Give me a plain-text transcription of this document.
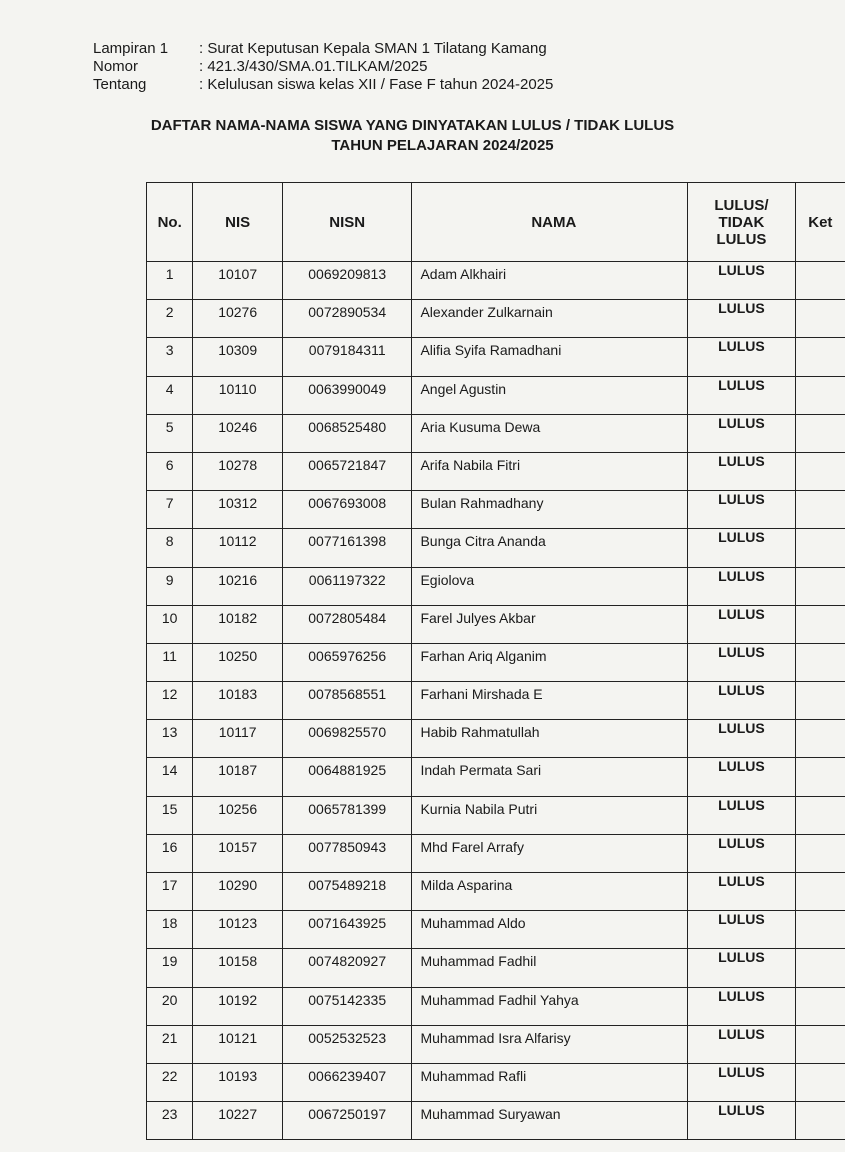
Lampiran 1	: Surat Keputusan Kepala SMAN 1 Tilatang Kamang
Nomor	: 421.3/430/SMA.01.TILKAM/2025
Tentang	: Kelulusan siswa kelas XII / Fase F tahun 2024-2025
DAFTAR NAMA-NAMA SISWA YANG DINYATAKAN LULUS / TIDAK LULUS
TAHUN PELAJARAN 2024/2025
No.	NIS	NISN	NAMA	LULUS/
TIDAK
LULUS	Ket
1	10107	0069209813	Adam Alkhairi	LULUS	
2	10276	0072890534	Alexander Zulkarnain	LULUS	
3	10309	0079184311	Alifia Syifa Ramadhani	LULUS	
4	10110	0063990049	Angel Agustin	LULUS	
5	10246	0068525480	Aria Kusuma Dewa	LULUS	
6	10278	0065721847	Arifa Nabila Fitri	LULUS	
7	10312	0067693008	Bulan Rahmadhany	LULUS	
8	10112	0077161398	Bunga Citra Ananda	LULUS	
9	10216	0061197322	Egiolova	LULUS	
10	10182	0072805484	Farel Julyes Akbar	LULUS	
11	10250	0065976256	Farhan Ariq Alganim	LULUS	
12	10183	0078568551	Farhani Mirshada E	LULUS	
13	10117	0069825570	Habib Rahmatullah	LULUS	
14	10187	0064881925	Indah Permata Sari	LULUS	
15	10256	0065781399	Kurnia Nabila Putri	LULUS	
16	10157	0077850943	Mhd Farel Arrafy	LULUS	
17	10290	0075489218	Milda Asparina	LULUS	
18	10123	0071643925	Muhammad Aldo	LULUS	
19	10158	0074820927	Muhammad Fadhil	LULUS	
20	10192	0075142335	Muhammad Fadhil Yahya	LULUS	
21	10121	0052532523	Muhammad Isra Alfarisy	LULUS	
22	10193	0066239407	Muhammad Rafli	LULUS	
23	10227	0067250197	Muhammad Suryawan	LULUS	
